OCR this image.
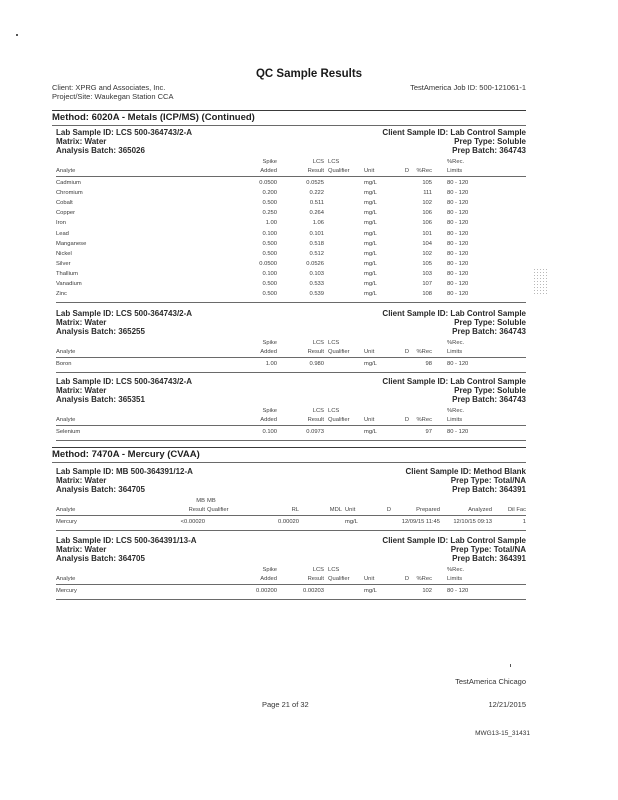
QC Sample Results
Client: XPRG and Associates, Inc.
Project/Site: Waukegan Station CCA
TestAmerica Job ID: 500-121061-1
Method: 6020A - Metals (ICP/MS) (Continued)
Lab Sample ID: LCS 500-364743/2-A
Matrix: Water
Analysis Batch: 365026
Client Sample ID: Lab Control Sample
Prep Type: Soluble
Prep Batch: 364743
Spike	LCS LCS	%Rec.
Analyte	Added	Result Qualifier Unit	D %Rec	Limits
Cadmium	0.0500	0.0525	mg/L	105	80 - 120
Chromium	0.200	0.222	mg/L	111	80 - 120
Cobalt	0.500	0.511	mg/L	102	80 - 120
Copper	0.250	0.264	mg/L	106	80 - 120
Iron	1.00	1.06	mg/L	106	80 - 120
Lead	0.100	0.101	mg/L	101	80 - 120
Manganese	0.500	0.518	mg/L	104	80 - 120
Nickel	0.500	0.512	mg/L	102	80 - 120
Silver	0.0500	0.0526	mg/L	105	80 - 120
Thallium	0.100	0.103	mg/L	103	80 - 120
Vanadium	0.500	0.533	mg/L	107	80 - 120
Zinc	0.500	0.539	mg/L	108	80 - 120
Lab Sample ID: LCS 500-364743/2-A
Matrix: Water
Analysis Batch: 365255
Client Sample ID: Lab Control Sample
Prep Type: Soluble
Prep Batch: 364743
Spike	LCS LCS	%Rec.
Analyte	Added	Result Qualifier Unit	D %Rec	Limits
Boron	1.00	0.980	mg/L	98	80 - 120
Lab Sample ID: LCS 500-364743/2-A
Matrix: Water
Analysis Batch: 365351
Client Sample ID: Lab Control Sample
Prep Type: Soluble
Prep Batch: 364743
Spike	LCS LCS	%Rec.
Analyte	Added	Result Qualifier Unit	D %Rec	Limits
Selenium	0.100	0.0973	mg/L	97	80 - 120
Method: 7470A - Mercury (CVAA)
Lab Sample ID: MB 500-364391/12-A
Matrix: Water
Analysis Batch: 364705
Client Sample ID: Method Blank
Prep Type: Total/NA
Prep Batch: 364391
MB MB
Analyte	Result Qualifier	RL	MDL Unit	D	Prepared	Analyzed	Dil Fac
Mercury	<0.00020	0.00020	mg/L	12/09/15 11:45 12/10/15 09:13	1
Lab Sample ID: LCS 500-364391/13-A
Matrix: Water
Analysis Batch: 364705
Client Sample ID: Lab Control Sample
Prep Type: Total/NA
Prep Batch: 364391
Spike	LCS LCS	%Rec.
Analyte	Added	Result Qualifier Unit	D %Rec	Limits
Mercury	0.00200	0.00203	mg/L	102	80 - 120
TestAmerica Chicago
Page 21 of 32	12/21/2015
MWG13-15_31431
